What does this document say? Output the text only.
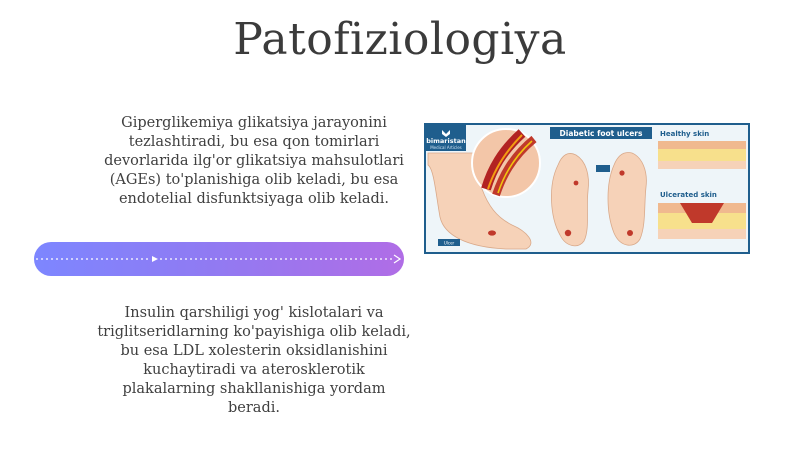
Patofiziologiya
Giperglikemiya glikatsiya jarayonini
tezlashtiradi, bu esa qon tomirlari
devorlarida ilg'or glikatsiya mahsulotlari
(AGEs) to'planishiga olib keladi, bu esa
endotelial disfunktsiyaga olib keladi.
Insulin qarshiligi yog' kislotalari va
triglitseridlarning ko'payishiga olib keladi,
bu esa LDL xolesterin oksidlanishini
kuchaytiradi va aterosklerotik
plakalarning shakllanishiga yordam
beradi.
bimaristan
Medical Articles
Ulcer
Diabetic foot ulcers	Healthy skin
Ulcerated skin
